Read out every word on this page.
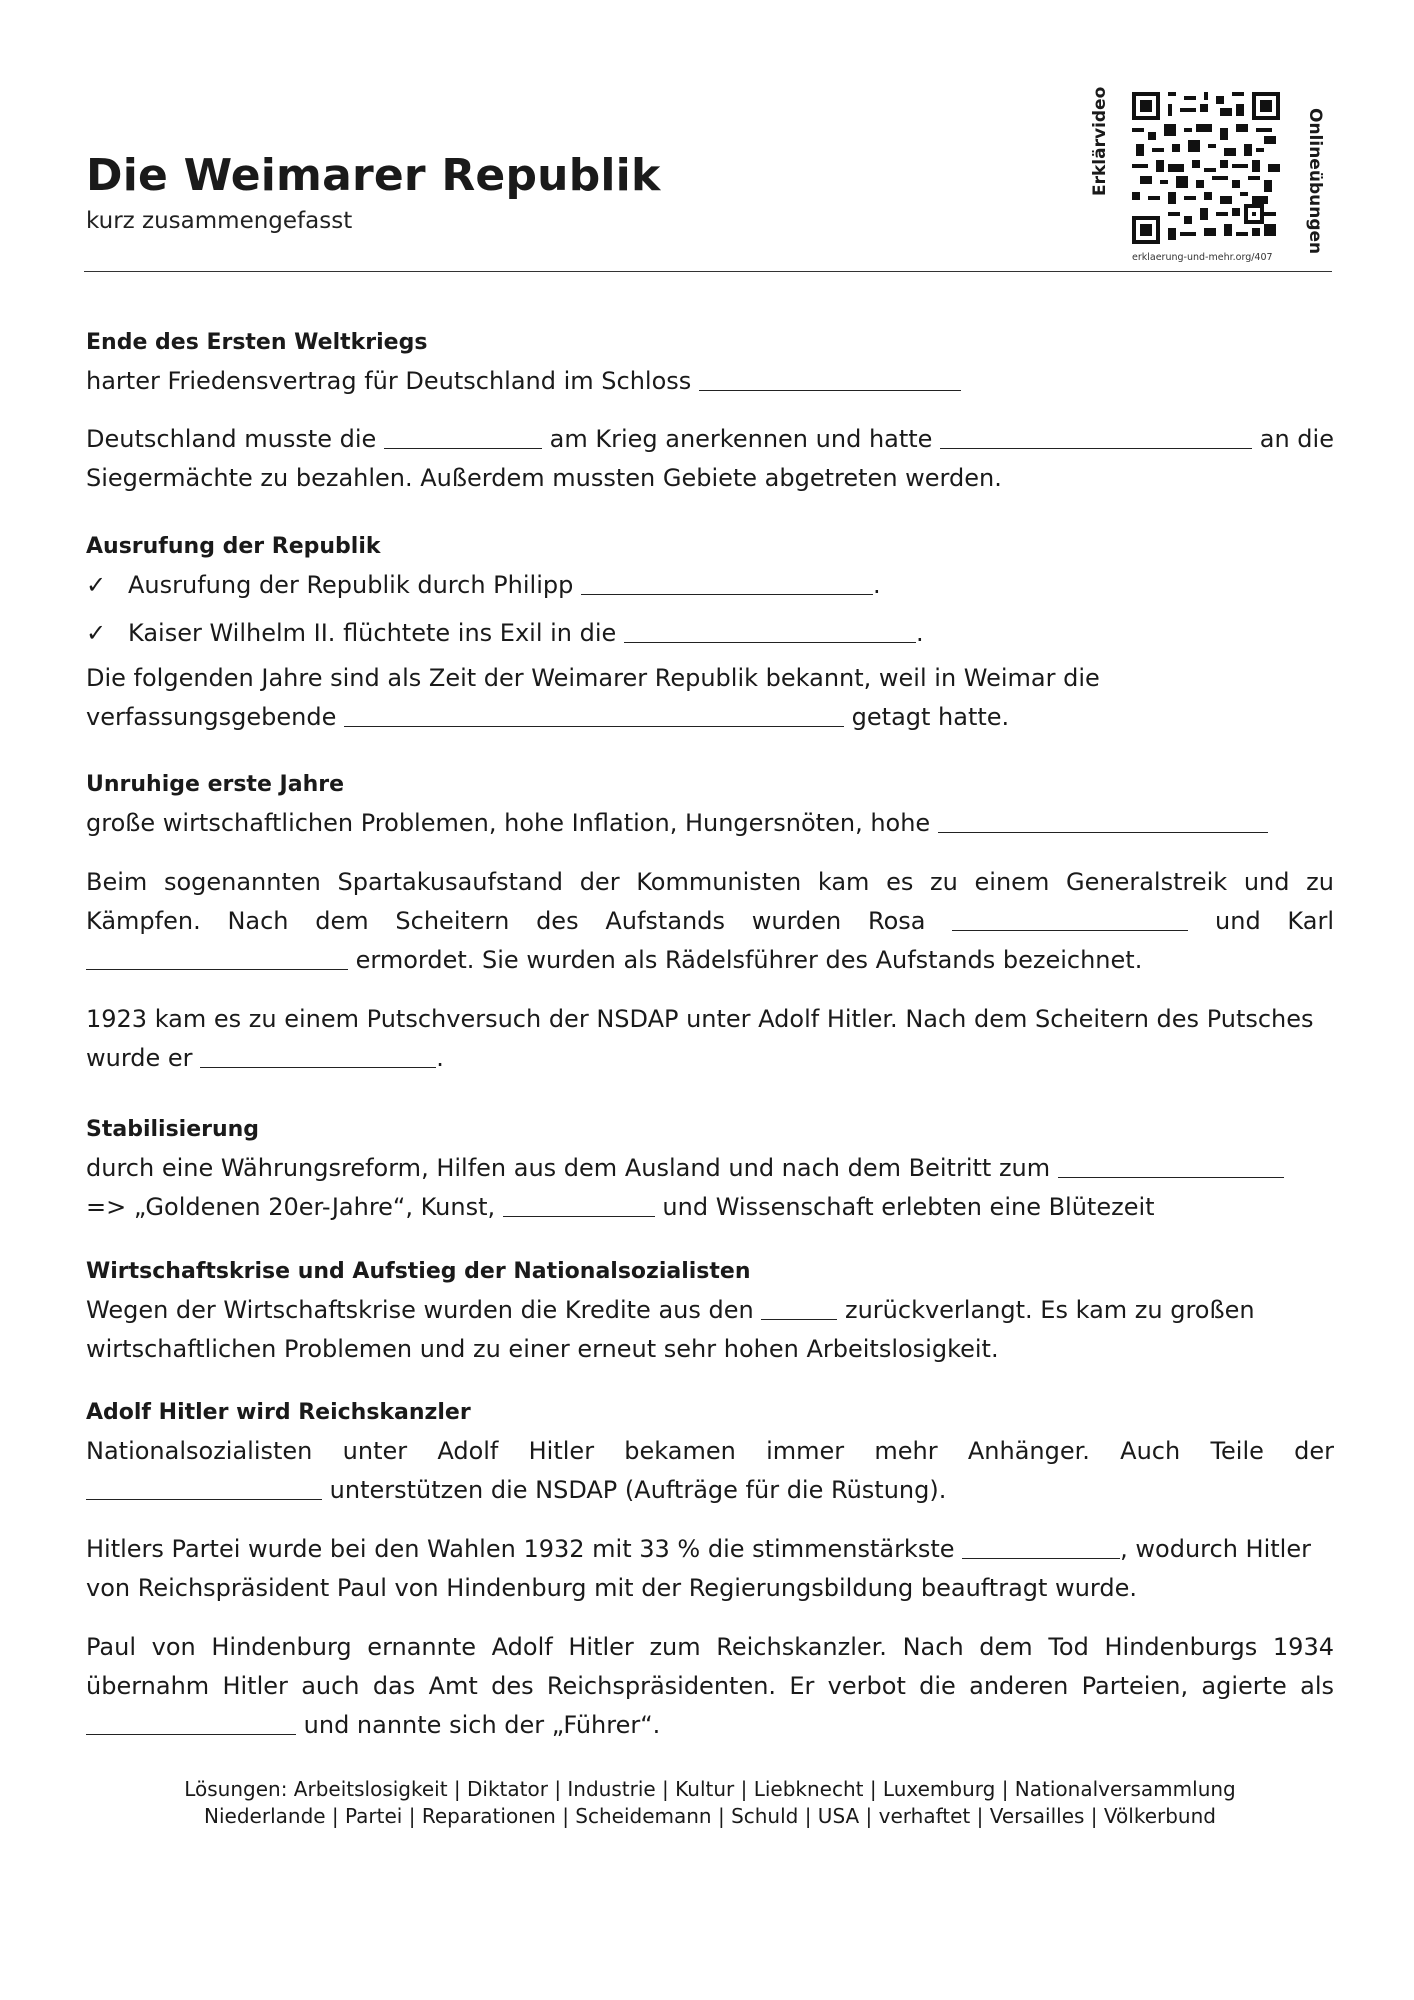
Die Weimarer Republik
kurz zusammengefasst
Erklärvideo	Onlineübungen
erklaerung-und-mehr.org/407

Ende des Ersten Weltkriegs

harter Friedensvertrag für Deutschland im Schloss

Deutschland musste die	am Krieg anerkennen und hatte	an die Siegermächte zu bezahlen. Außerdem mussten Gebiete abgetreten werden.

Ausrufung der Republik

✓ Ausrufung der Republik durch Philipp	.
✓ Kaiser Wilhelm II. flüchtete ins Exil in die	.

Die folgenden Jahre sind als Zeit der Weimarer Republik bekannt, weil in Weimar die verfassungsgebende	getagt hatte.

Unruhige erste Jahre

große wirtschaftlichen Problemen, hohe Inflation, Hungersnöten, hohe

Beim sogenannten Spartakusaufstand der Kommunisten kam es zu einem Generalstreik und zu Kämpfen. Nach dem Scheitern des Aufstands wurden Rosa	und Karl  ermordet. Sie wurden als Rädelsführer des Aufstands bezeichnet.

1923 kam es zu einem Putschversuch der NSDAP unter Adolf Hitler. Nach dem Scheitern des Putsches wurde er	.

Stabilisierung

durch eine Währungsreform, Hilfen aus dem Ausland und nach dem Beitritt zum
=> „Goldenen 20er-Jahre“, Kunst,	und Wissenschaft erlebten eine Blütezeit

Wirtschaftskrise und Aufstieg der Nationalsozialisten

Wegen der Wirtschaftskrise wurden die Kredite aus den	zurückverlangt. Es kam zu großen wirtschaftlichen Problemen und zu einer erneut sehr hohen Arbeitslosigkeit.

Adolf Hitler wird Reichskanzler

Nationalsozialisten unter Adolf Hitler bekamen immer mehr Anhänger. Auch Teile der  unterstützen die NSDAP (Aufträge für die Rüstung).

Hitlers Partei wurde bei den Wahlen 1932 mit 33 % die stimmenstärkste	, wodurch Hitler von Reichspräsident Paul von Hindenburg mit der Regierungsbildung beauftragt wurde.

Paul von Hindenburg ernannte Adolf Hitler zum Reichskanzler. Nach dem Tod Hindenburgs 1934 übernahm Hitler auch das Amt des Reichspräsidenten. Er verbot die anderen Parteien, agierte als  und nannte sich der „Führer“.

Lösungen: Arbeitslosigkeit | Diktator | Industrie | Kultur | Liebknecht | Luxemburg | Nationalversammlung
Niederlande | Partei | Reparationen | Scheidemann | Schuld | USA | verhaftet | Versailles | Völkerbund
